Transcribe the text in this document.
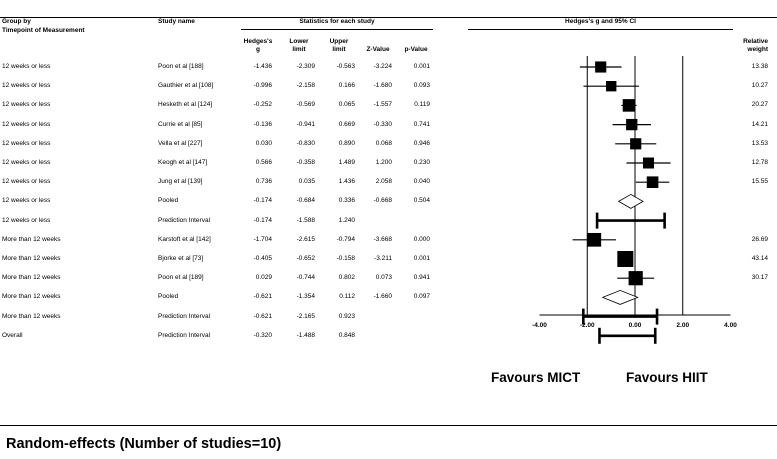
Group by
Timepoint of Measurement
Study name	Statistics for each study	Hedges's g and 95% CI
Hedges's
g
Lower
limit
Upper
limit	Z-Value	p-Value
Relative
weight
12 weeks or less	Poon et al [188]	-1.436	-2.309	-0.563	-3.224	0.001	13.38
12 weeks or less	Gauthier et al [108]	-0.996	-2.158	0.166	-1.680	0.093	10.27
12 weeks or less	Hesketh et al [124]	-0.252	-0.569	0.065	-1.557	0.119	20.27
12 weeks or less	Currie et al [85]	-0.136	-0.941	0.669	-0.330	0.741	14.21
12 weeks or less	Vella et al [227]	0.030	-0.830	0.890	0.068	0.946	13.53
12 weeks or less	Keogh et al [147]	0.566	-0.358	1.489	1.200	0.230	12.78
12 weeks or less	Jung et al [139]	0.736	0.035	1.436	2.058	0.040	15.55
12 weeks or less	Pooled	-0.174	-0.684	0.336	-0.668	0.504
12 weeks or less	Prediction Interval	-0.174	-1.588	1.240
More than 12 weeks	Karstoft et al [142]	-1.704	-2.615	-0.794	-3.668	0.000	26.69
More than 12 weeks	Bjorke et al [73]	-0.405	-0.652	-0.158	-3.211	0.001	43.14
More than 12 weeks	Poon et al [189]	0.029	-0.744	0.802	0.073	0.941	30.17
More than 12 weeks	Pooled	-0.621	-1.354	0.112	-1.660	0.097
More than 12 weeks	Prediction Interval	-0.621	-2.165	0.923
Overall	Prediction Interval	-0.320	-1.488	0.848
-4.00	-2.00	0.00	2.00	4.00
Favours MICT	Favours HIIT
Random-effects (Number of studies=10)
